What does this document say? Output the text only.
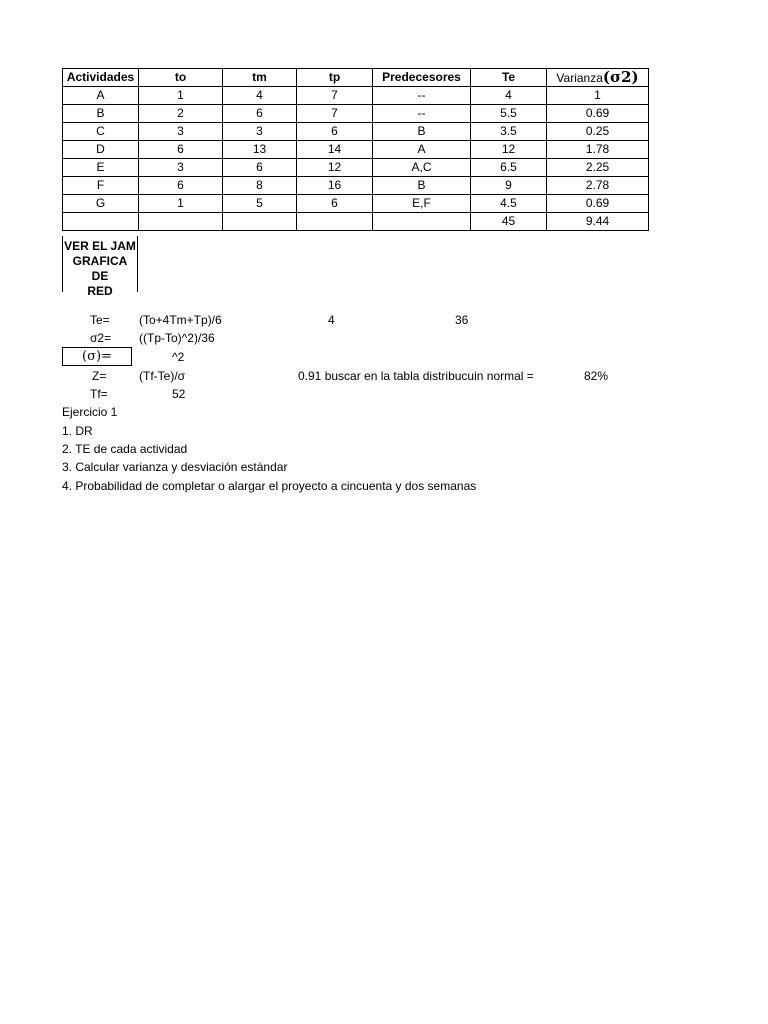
Actividades	to	tm	tp	Predecesores	Te	Varianza(σ2)
A	1	4	7	--	4	1
B	2	6	7	--	5.5	0.69
C	3	3	6	B	3.5	0.25
D	6	13	14	A	12	1.78
E	3	6	12	A,C	6.5	2.25
F	6	8	16	B	9	2.78
G	1	5	6	E,F	4.5	0.69
					45	9.44
VER EL JAM
GRAFICA DE
RED
Te= (To+4Tm+Tp)/6	4	36
σ2= ((Tp-To)^2)/36
(σ)=	^2
Z=	(Tf-Te)/σ	0.91 buscar en la tabla distribucuin normal =	82%
Tf=	52
Ejercicio 1
1. DR
2. TE de cada actividad
3. Calcular varianza y desviación estándar
4. Probabilidad de completar o alargar el proyecto a cincuenta y dos semanas
